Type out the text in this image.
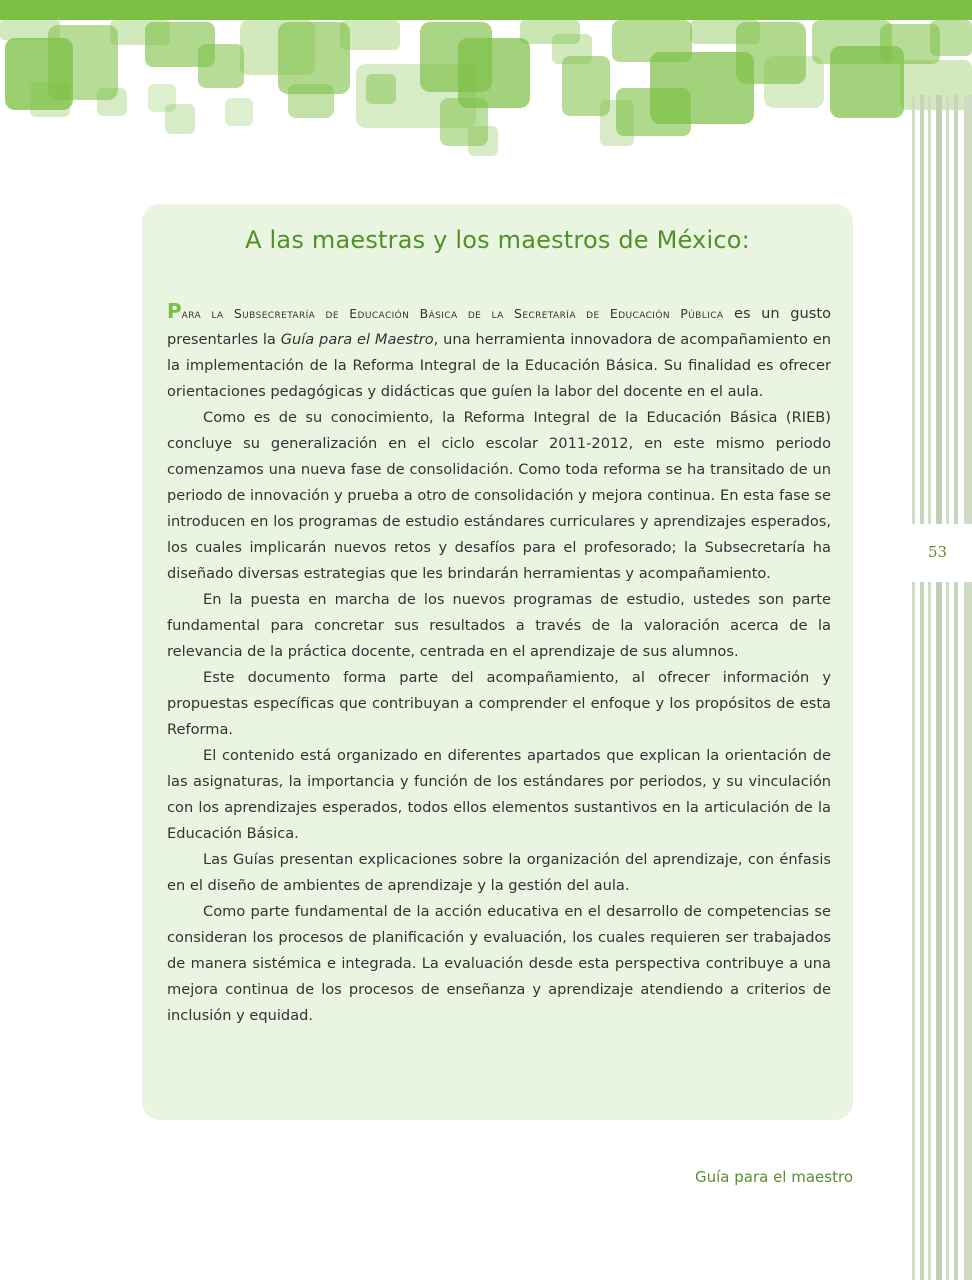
53
A las maestras y los maestros de México:

Para la Subsecretaría de Educación Básica de la Secretaría de Educación Pública es un gusto presentarles la Guía para el Maestro, una herramienta innovadora de acompañamiento en la implementación de la Reforma Integral de la Educación Básica. Su finalidad es ofrecer orientaciones pedagógicas y didácticas que guíen la labor del docente en el aula.

Como es de su conocimiento, la Reforma Integral de la Educación Básica (RIEB) concluye su generalización en el ciclo escolar 2011-2012, en este mismo periodo comenzamos una nueva fase de consolidación. Como toda reforma se ha transitado de un periodo de innovación y prueba a otro de consolidación y mejora continua. En esta fase se introducen en los programas de estudio estándares curriculares y aprendizajes esperados, los cuales implicarán nuevos retos y desafíos para el profesorado; la Subsecretaría ha diseñado diversas estrategias que les brindarán herramientas y acompañamiento.

En la puesta en marcha de los nuevos programas de estudio, ustedes son parte fundamental para concretar sus resultados a través de la valoración acerca de la relevancia de la práctica docente, centrada en el aprendizaje de sus alumnos.

Este documento forma parte del acompañamiento, al ofrecer información y propuestas específicas que contribuyan a comprender el enfoque y los propósitos de esta Reforma.

El contenido está organizado en diferentes apartados que explican la orientación de las asignaturas, la importancia y función de los estándares por periodos, y su vinculación con los aprendizajes esperados, todos ellos elementos sustantivos en la articulación de la Educación Básica.

Las Guías presentan explicaciones sobre la organización del aprendizaje, con énfasis en el diseño de ambientes de aprendizaje y la gestión del aula.

Como parte fundamental de la acción educativa en el desarrollo de competencias se consideran los procesos de planificación y evaluación, los cuales requieren ser trabajados de manera sistémica e integrada. La evaluación desde esta perspectiva contribuye a una mejora continua de los procesos de enseñanza y aprendizaje atendiendo a criterios de inclusión y equidad.

Guía para el maestro
